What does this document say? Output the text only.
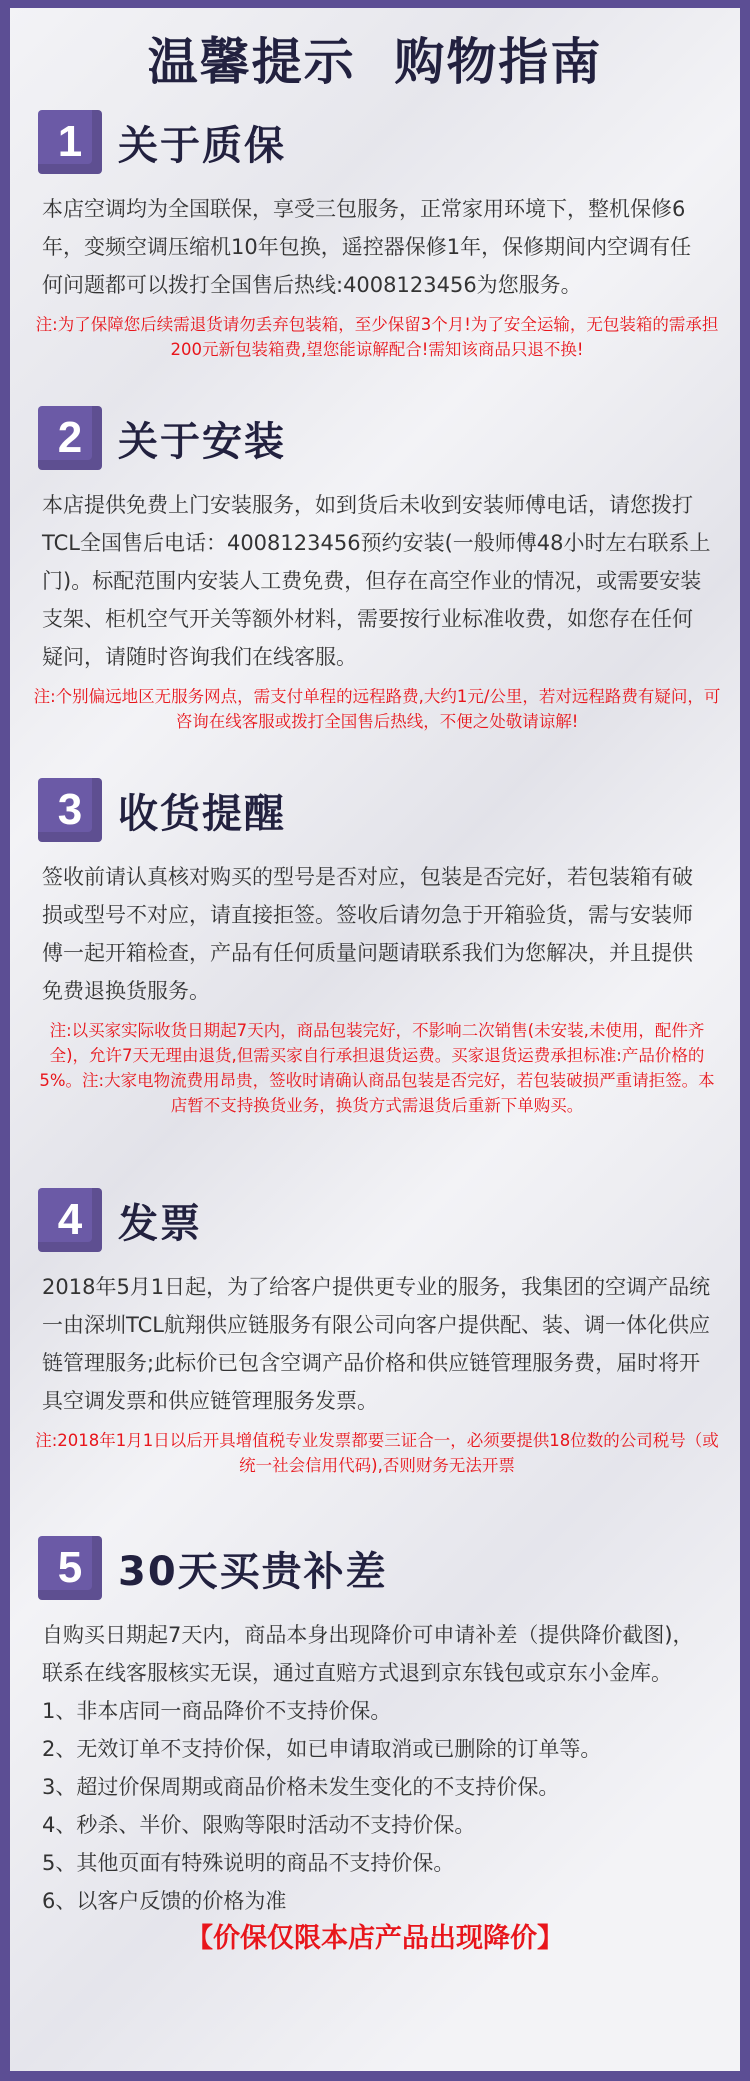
温馨提示  购物指南
1 关于质保
本店空调均为全国联保，享受三包服务，正常家用环境下，整机保修6年，变频空调压缩机10年包换，遥控器保修1年，保修期间内空调有任何问题都可以拨打全国售后热线:4008123456为您服务。
注:为了保障您后续需退货请勿丢弃包装箱，至少保留3个月!为了安全运输，无包装箱的需承担200元新包装箱费,望您能谅解配合!需知该商品只退不换!
2 关于安装
本店提供免费上门安装服务，如到货后未收到安装师傅电话，请您拨打TCL全国售后电话：4008123456预约安装(一般师傅48小时左右联系上门)。标配范围内安装人工费免费，但存在高空作业的情况，或需要安装支架、柜机空气开关等额外材料，需要按行业标准收费，如您存在任何疑问，请随时咨询我们在线客服。
注:个别偏远地区无服务网点，需支付单程的远程路费,大约1元/公里，若对远程路费有疑问，可咨询在线客服或拨打全国售后热线，不便之处敬请谅解!
3 收货提醒
签收前请认真核对购买的型号是否对应，包装是否完好，若包装箱有破损或型号不对应，请直接拒签。签收后请勿急于开箱验货，需与安装师傅一起开箱检查，产品有任何质量问题请联系我们为您解决，并且提供免费退换货服务。
注:以买家实际收货日期起7天内，商品包装完好，不影响二次销售(未安装,未使用，配件齐全)，允许7天无理由退货,但需买家自行承担退货运费。买家退货运费承担标准:产品价格的5%。注:大家电物流费用昂贵，签收时请确认商品包装是否完好，若包装破损严重请拒签。本店暂不支持换货业务，换货方式需退货后重新下单购买。
4 发票
2018年5月1日起，为了给客户提供更专业的服务，我集团的空调产品统一由深圳TCL航翔供应链服务有限公司向客户提供配、装、调一体化供应链管理服务;此标价已包含空调产品价格和供应链管理服务费，届时将开具空调发票和供应链管理服务发票。
注:2018年1月1日以后开具增值税专业发票都要三证合一，必须要提供18位数的公司税号（或统一社会信用代码),否则财务无法开票
5 30天买贵补差
自购买日期起7天内，商品本身出现降价可申请补差（提供降价截图)，联系在线客服核实无误，通过直赔方式退到京东钱包或京东小金库。
1、非本店同一商品降价不支持价保。
2、无效订单不支持价保，如已申请取消或已删除的订单等。
3、超过价保周期或商品价格未发生变化的不支持价保。
4、秒杀、半价、限购等限时活动不支持价保。
5、其他页面有特殊说明的商品不支持价保。
6、以客户反馈的价格为准
【价保仅限本店产品出现降价】
